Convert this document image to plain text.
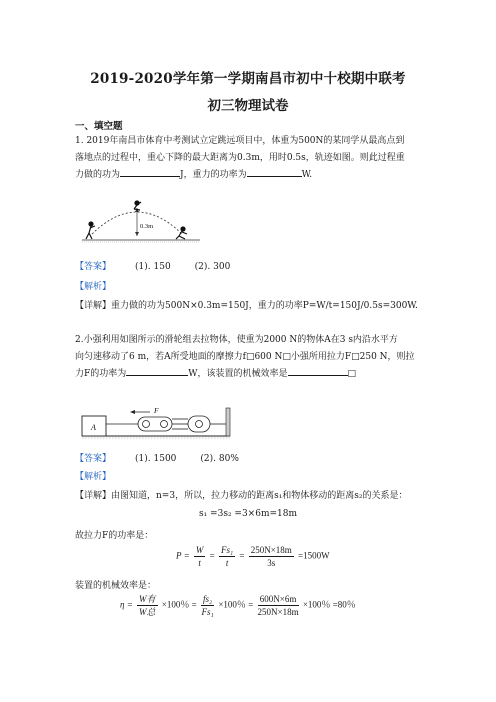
2019-2020学年第一学期南昌市初中十校期中联考
初三物理试卷
一、填空题
1. 2019年南昌市体育中考测试立定跳远项目中，体重为500N的某同学从最高点到
落地点的过程中，重心下降的最大距离为0.3m，用时0.5s，轨迹如图。则此过程重
力做的功为	J，重力的功率为	W.
0.3m
【答案】	(1). 150	(2). 300
【解析】
【详解】重力做的功为500N×0.3m=150J，重力的功率P=W/t=150J/0.5s=300W.
2.小强利用如图所示的滑轮组去拉物体，使重为2000 N的物体A在3 s内沿水平方
向匀速移动了6 m，若A所受地面的摩擦力f□600 N□小强所用拉力F□250 N，则拉
力F的功率为	W，该装置的机械效率是	□
A
F
【答案】	(1). 1500	(2). 80%
【解析】
【详解】由图知道，n=3，所以，拉力移动的距离s₁和物体移动的距离s₂的关系是：
s₁ =3s₂ =3×6m=18m
故拉力F的功率是：
$P = \frac{W}{t} = \frac{\text{Fs₁}}{t} = \frac{250N\times 18m}{3s} =1500W$
装置的机械效率是：
$\eta = \frac{\text{W有}}{\text{W总}} \times 100$％ = $\frac{\text{fs₂}}{\text{Fs₁}} \times 100$％ = $\frac{600N\times 6m}{250N\times 18m} \times 100$％ =80％
